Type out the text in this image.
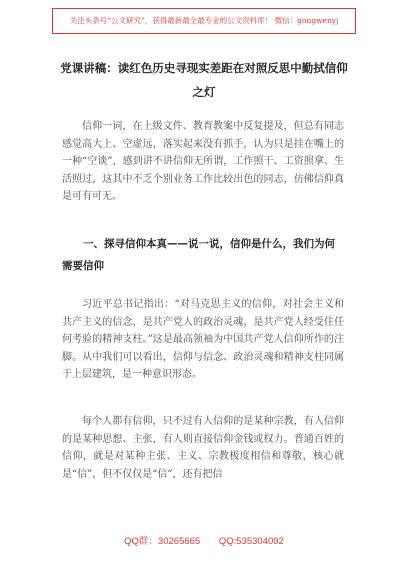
关注头条号“公文研究”，获得最新最全最专业的公文资料库！ 微信：gongwenyj
党课讲稿：读红色历史寻现实差距在对照反思中勤拭信仰之灯

信仰一词，在上级文件、教育教案中反复提及，但总有同志感觉高大上、空虚远，落实起来没有抓手，认为只是挂在嘴上的一种“空谈”，感到讲不讲信仰无所谓，工作照干、工资照拿、生活照过，这其中不乏个别业务工作比较出色的同志，仿佛信仰真是可有可无。

一、探寻信仰本真——说一说，信仰是什么，我们为何需要信仰

习近平总书记指出：“对马克思主义的信仰，对社会主义和共产主义的信念，是共产党人的政治灵魂，是共产党人经受住任何考验的精神支柱。”这是最高领袖为中国共产党人信仰所作的注脚。从中我们可以看出，信仰与信念、政治灵魂和精神支柱同属于上层建筑，是一种意识形态。

每个人都有信仰，只不过有人信仰的是某种宗教，有人信仰的是某种思想、主张，有人则直接信仰金钱或权力。普通百姓的信仰，就是对某种主张、主义、宗教极度相信和尊敬，核心就是“信”，但不仅仅是“信”，还有把信

QQ群：30265665 QQ:535304092
